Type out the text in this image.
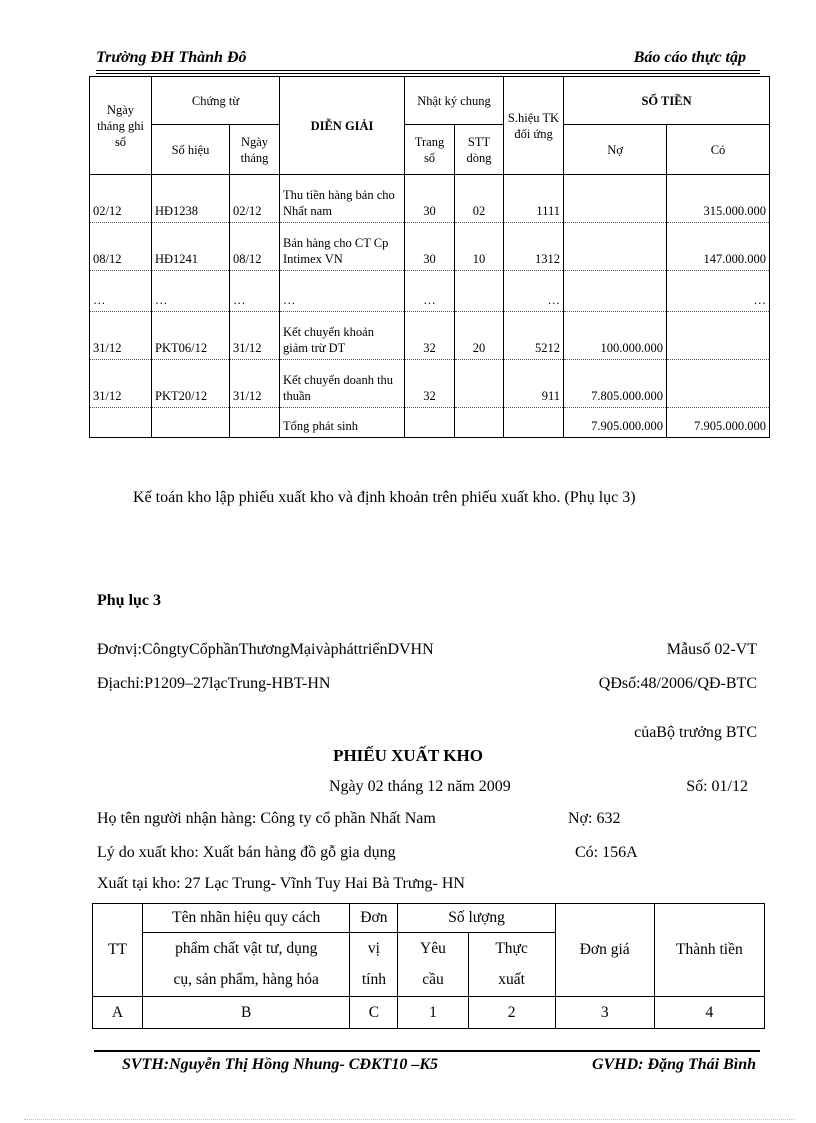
Trường ĐH Thành Đô	Báo cáo thực tập
Ngày tháng ghi sổ	Chứng từ		DIỄN GIẢI	Nhật ký chung		S.hiệu TK đối ứng	SỐ TIỀN	
	Số hiệu	Ngày tháng		Trang sổ	STT dòng		Nợ	Có
02/12	HĐ1238	02/12	Thu tiền hàng bán cho Nhất nam	30	02	1111		315.000.000
08/12	HĐ1241	08/12	Bán hàng cho CT Cp Intimex VN	30	10	1312		147.000.000
…	…	…	…	…		…		…
31/12	PKT06/12	31/12	Kết chuyển khoản giảm trừ DT	32	20	5212	100.000.000	
31/12	PKT20/12	31/12	Kết chuyển doanh thu thuần	32		911	7.805.000.000	
			Tổng phát sinh				7.905.000.000	7.905.000.000
Kế toán kho lập phiếu xuất kho và định khoản trên phiếu xuất kho. (Phụ lục 3)
Phụ lục 3
Đơnvị:CôngtyCổphầnThươngMạivàpháttriểnDVHN	Mẫusố 02-VT
Địachỉ:P1209–27lạcTrung-HBT-HN	QĐsố:48/2006/QĐ-BTC
củaBộ trưởng BTC
PHIẾU XUẤT KHO
Ngày 02 tháng 12 năm 2009	Số: 01/12
Họ tên người nhận hàng: Công ty cổ phần Nhất Nam	Nợ: 632
Lý do xuất kho: Xuất bán hàng đồ gỗ gia dụng	Có: 156A
Xuất tại kho: 27 Lạc Trung- Vĩnh Tuy Hai Bà Trưng- HN
TT	Tên nhãn hiệu quy cách	Đơn	Số lượng		Đơn giá	Thành tiền
	phẩm chất vật tư, dụng	vị	Yêu	Thực		
	cụ, sản phẩm, hàng hóa	tính	cầu	xuất		
A	B	C	1	2	3	4
SVTH:Nguyễn Thị Hồng Nhung- CĐKT10 –K5	GVHD: Đặng Thái Bình
